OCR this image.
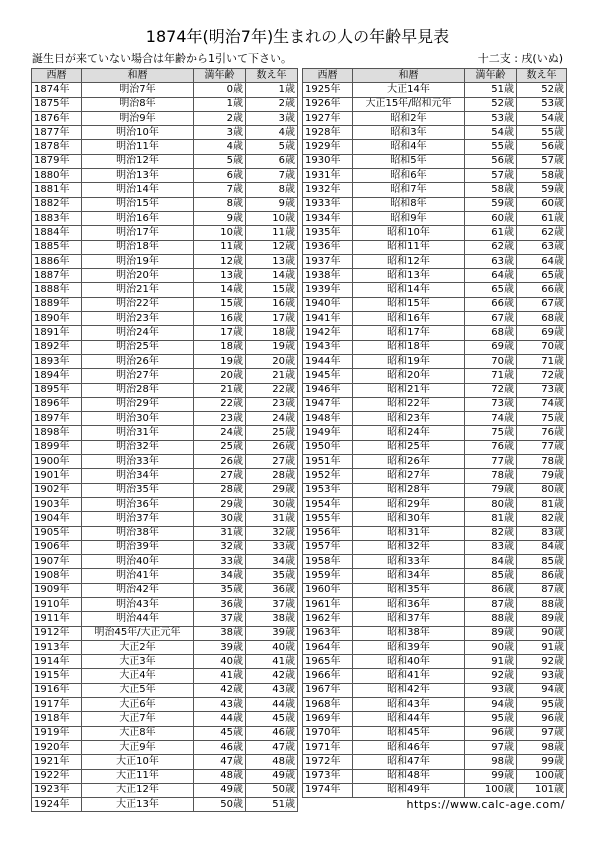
1874年(明治7年)生まれの人の年齢早見表
誕生日が来ていない場合は年齢から1引いて下さい。	十二支 : 戌(いぬ)
西暦	和暦	満年齢	数え年
1874年	明治7年	0歳	1歳
1875年	明治8年	1歳	2歳
1876年	明治9年	2歳	3歳
1877年	明治10年	3歳	4歳
1878年	明治11年	4歳	5歳
1879年	明治12年	5歳	6歳
1880年	明治13年	6歳	7歳
1881年	明治14年	7歳	8歳
1882年	明治15年	8歳	9歳
1883年	明治16年	9歳	10歳
1884年	明治17年	10歳	11歳
1885年	明治18年	11歳	12歳
1886年	明治19年	12歳	13歳
1887年	明治20年	13歳	14歳
1888年	明治21年	14歳	15歳
1889年	明治22年	15歳	16歳
1890年	明治23年	16歳	17歳
1891年	明治24年	17歳	18歳
1892年	明治25年	18歳	19歳
1893年	明治26年	19歳	20歳
1894年	明治27年	20歳	21歳
1895年	明治28年	21歳	22歳
1896年	明治29年	22歳	23歳
1897年	明治30年	23歳	24歳
1898年	明治31年	24歳	25歳
1899年	明治32年	25歳	26歳
1900年	明治33年	26歳	27歳
1901年	明治34年	27歳	28歳
1902年	明治35年	28歳	29歳
1903年	明治36年	29歳	30歳
1904年	明治37年	30歳	31歳
1905年	明治38年	31歳	32歳
1906年	明治39年	32歳	33歳
1907年	明治40年	33歳	34歳
1908年	明治41年	34歳	35歳
1909年	明治42年	35歳	36歳
1910年	明治43年	36歳	37歳
1911年	明治44年	37歳	38歳
1912年	明治45年/大正元年	38歳	39歳
1913年	大正2年	39歳	40歳
1914年	大正3年	40歳	41歳
1915年	大正4年	41歳	42歳
1916年	大正5年	42歳	43歳
1917年	大正6年	43歳	44歳
1918年	大正7年	44歳	45歳
1919年	大正8年	45歳	46歳
1920年	大正9年	46歳	47歳
1921年	大正10年	47歳	48歳
1922年	大正11年	48歳	49歳
1923年	大正12年	49歳	50歳
1924年	大正13年	50歳	51歳
西暦	和暦	満年齢	数え年
1925年	大正14年	51歳	52歳
1926年	大正15年/昭和元年	52歳	53歳
1927年	昭和2年	53歳	54歳
1928年	昭和3年	54歳	55歳
1929年	昭和4年	55歳	56歳
1930年	昭和5年	56歳	57歳
1931年	昭和6年	57歳	58歳
1932年	昭和7年	58歳	59歳
1933年	昭和8年	59歳	60歳
1934年	昭和9年	60歳	61歳
1935年	昭和10年	61歳	62歳
1936年	昭和11年	62歳	63歳
1937年	昭和12年	63歳	64歳
1938年	昭和13年	64歳	65歳
1939年	昭和14年	65歳	66歳
1940年	昭和15年	66歳	67歳
1941年	昭和16年	67歳	68歳
1942年	昭和17年	68歳	69歳
1943年	昭和18年	69歳	70歳
1944年	昭和19年	70歳	71歳
1945年	昭和20年	71歳	72歳
1946年	昭和21年	72歳	73歳
1947年	昭和22年	73歳	74歳
1948年	昭和23年	74歳	75歳
1949年	昭和24年	75歳	76歳
1950年	昭和25年	76歳	77歳
1951年	昭和26年	77歳	78歳
1952年	昭和27年	78歳	79歳
1953年	昭和28年	79歳	80歳
1954年	昭和29年	80歳	81歳
1955年	昭和30年	81歳	82歳
1956年	昭和31年	82歳	83歳
1957年	昭和32年	83歳	84歳
1958年	昭和33年	84歳	85歳
1959年	昭和34年	85歳	86歳
1960年	昭和35年	86歳	87歳
1961年	昭和36年	87歳	88歳
1962年	昭和37年	88歳	89歳
1963年	昭和38年	89歳	90歳
1964年	昭和39年	90歳	91歳
1965年	昭和40年	91歳	92歳
1966年	昭和41年	92歳	93歳
1967年	昭和42年	93歳	94歳
1968年	昭和43年	94歳	95歳
1969年	昭和44年	95歳	96歳
1970年	昭和45年	96歳	97歳
1971年	昭和46年	97歳	98歳
1972年	昭和47年	98歳	99歳
1973年	昭和48年	99歳	100歳
1974年	昭和49年	100歳	101歳
https://www.calc-age.com/
